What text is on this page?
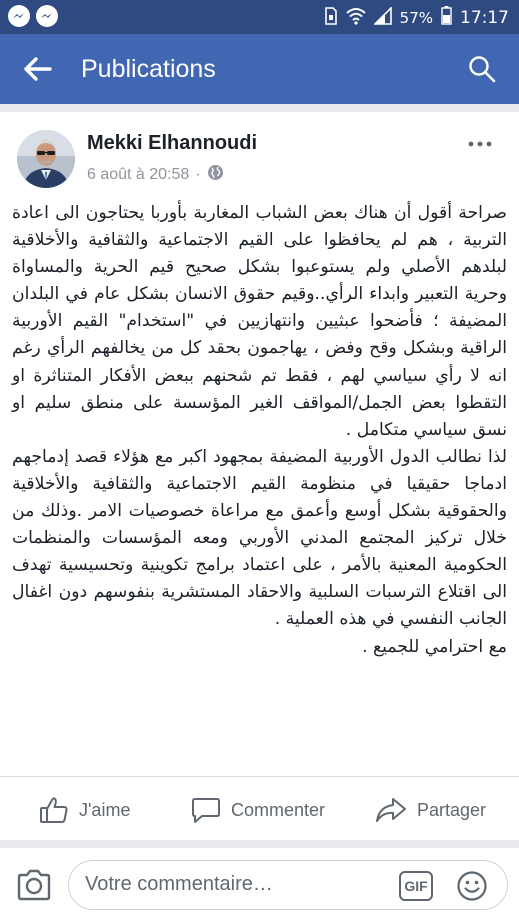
57% 17:17
Publications
Mekki Elhannoudi
6 août à 20:58 ·
صراحة أقول أن هناك بعض الشباب المغاربة بأوربا يحتاجون الى اعادة التربية ، هم لم يحافظوا على القيم الاجتماعية والثقافية والأخلاقية لبلدهم الأصلي ولم يستوعبوا بشكل صحيح قيم الحرية والمساواة وحرية التعبير وابداء الرأي..وقيم حقوق الانسان بشكل عام في البلدان المضيفة ؛ فأضحوا عبثيين وانتهازيين في "استخدام" القيم الأوربية الراقية وبشكل وقح وفض ، يهاجمون بحقد كل من يخالفهم الرأي رغم انه لا رأي سياسي لهم ، فقط تم شحنهم ببعض الأفكار المتناثرة او التقطوا بعض الجمل/المواقف الغير المؤسسة على منطق سليم او نسق سياسي متكامل .
لذا نطالب الدول الأوربية المضيفة بمجهود اكبر مع هؤلاء قصد إدماجهم ادماجا حقيقيا في منظومة القيم الاجتماعية والثقافية والأخلاقية والحقوقية بشكل أوسع وأعمق مع مراعاة خصوصيات الامر .وذلك من خلال تركيز المجتمع المدني الأوربي ومعه المؤسسات والمنظمات الحكومية المعنية بالأمر ، على اعتماد برامج تكوينية وتحسيسية تهدف الى اقتلاع الترسبات السلبية والاحقاد المستشرية بنفوسهم دون اغفال الجانب النفسي في هذه العملية .
مع احترامي للجميع .
J'aime	Commenter	Partager
Votre commentaire…	GIF
